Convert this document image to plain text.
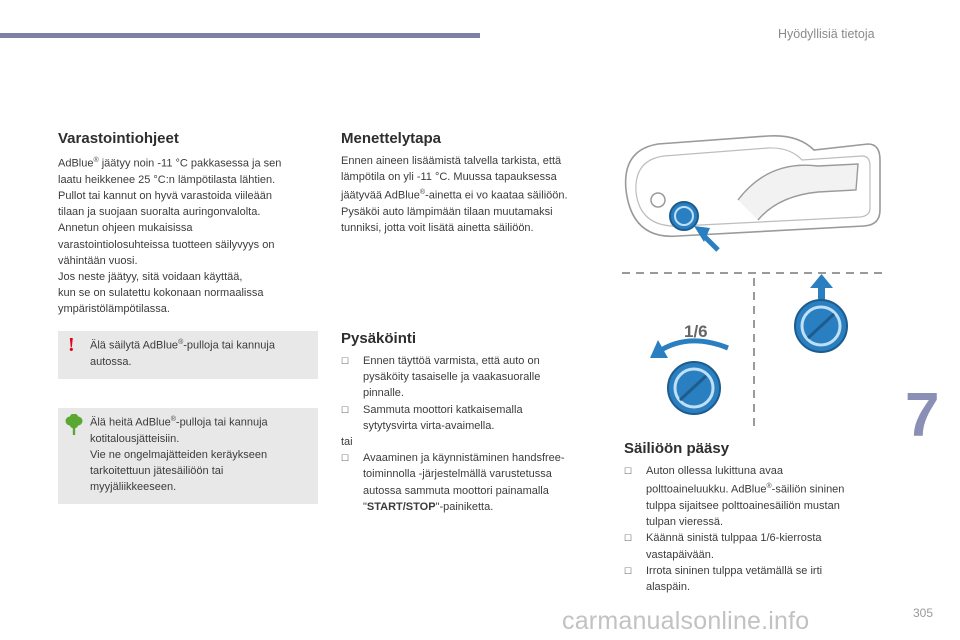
Hyödyllisiä tietoja
7
305
Varastointiohjeet

AdBlue® jäätyy noin -11 °C pakkasessa ja sen

laatu heikkenee 25 °C:n lämpötilasta lähtien.

Pullot tai kannut on hyvä varastoida viileään

tilaan ja suojaan suoralta auringonvalolta.

Annetun ohjeen mukaisissa

varastointiolosuhteissa tuotteen säilyvyys on

vähintään vuosi.

Jos neste jäätyy, sitä voidaan käyttää,

kun se on sulatettu kokonaan normaalissa

ympäristölämpötilassa.

! Älä säilytä AdBlue®-pulloja tai kannuja

autossa.

Älä heitä AdBlue®-pulloja tai kannuja

kotitalousjätteisiin.

Vie ne ongelmajätteiden keräykseen

tarkoitettuun jätesäiliöön tai

myyjäliikkeeseen.

Menettelytapa

Ennen aineen lisäämistä talvella tarkista, että

lämpötila on yli -11 °C. Muussa tapauksessa

jäätyvää AdBlue®-ainetta ei vo kaataa säiliöön.

Pysäköi auto lämpimään tilaan muutamaksi

tunniksi, jotta voit lisätä ainetta säiliöön.

Pysäköinti
☐ Ennen täyttöä varmista, että auto on

pysäköity tasaiselle ja vaakasuoralle

pinnalle.

☐ Sammuta moottori katkaisemalla

sytytysvirta virta-avaimella.

tai

☐ Avaaminen ja käynnistäminen handsfree-

toiminnolla -järjestelmällä varustetussa

autossa sammuta moottori painamalla

"START/STOP"-painiketta.

1/6
Säiliöön pääsy
☐ Auton ollessa lukittuna avaa

polttoaineluukku. AdBlue®-säiliön sininen

tulppa sijaitsee polttoainesäiliön mustan

tulpan vieressä.

☐ Käännä sinistä tulppaa 1/6-kierrosta

vastapäivään.

☐ Irrota sininen tulppa vetämällä se irti

alaspäin.

carmanualsonline.info
